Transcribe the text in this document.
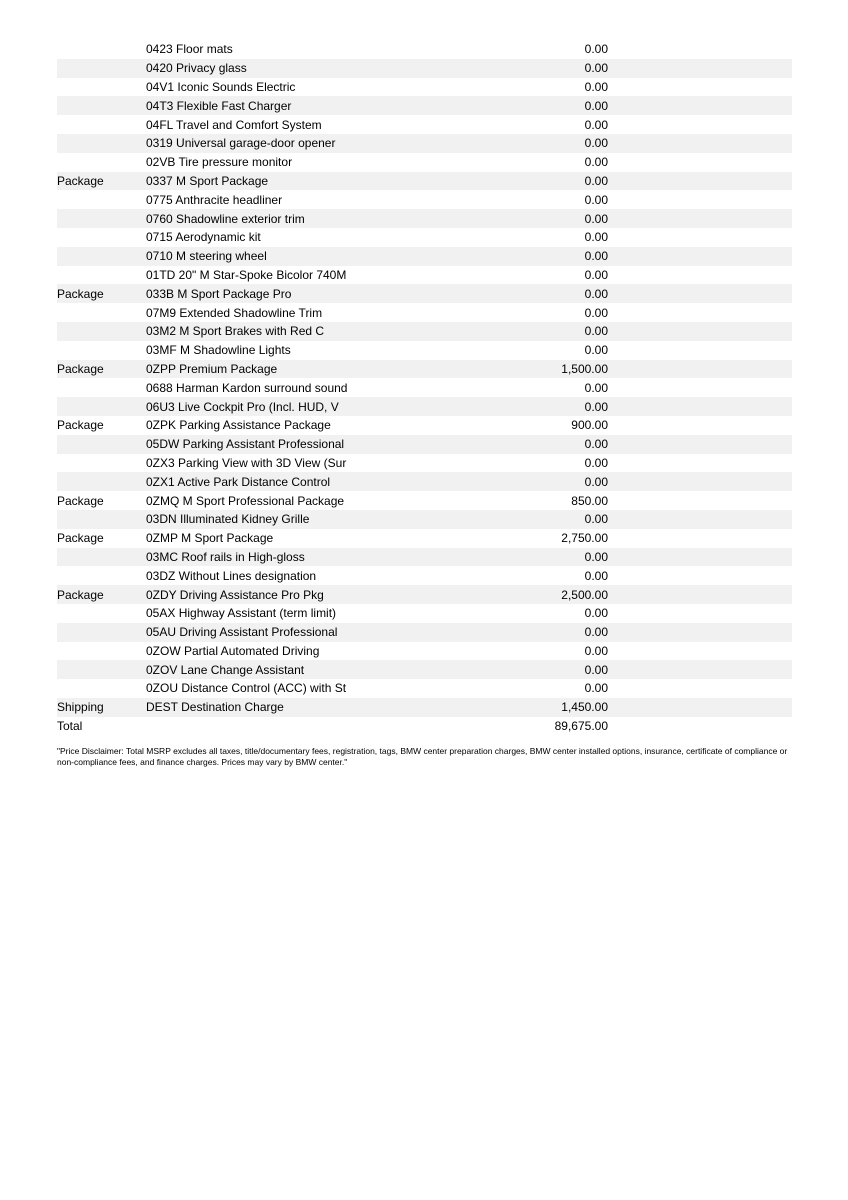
	0423 Floor mats	0.00	
	0420 Privacy glass	0.00	
	04V1 Iconic Sounds Electric	0.00	
	04T3 Flexible Fast Charger	0.00	
	04FL Travel and Comfort System	0.00	
	0319 Universal garage-door opener	0.00	
	02VB Tire pressure monitor	0.00	
Package	0337 M Sport Package	0.00	
	0775 Anthracite headliner	0.00	
	0760 Shadowline exterior trim	0.00	
	0715 Aerodynamic kit	0.00	
	0710 M steering wheel	0.00	
	01TD 20" M Star-Spoke Bicolor 740M	0.00	
Package	033B M Sport Package Pro	0.00	
	07M9 Extended Shadowline Trim	0.00	
	03M2 M Sport Brakes with Red C	0.00	
	03MF M Shadowline Lights	0.00	
Package	0ZPP Premium Package	1,500.00	
	0688 Harman Kardon surround sound	0.00	
	06U3 Live Cockpit Pro (Incl. HUD, V	0.00	
Package	0ZPK Parking Assistance Package	900.00	
	05DW Parking Assistant Professional	0.00	
	0ZX3 Parking View with 3D View (Sur	0.00	
	0ZX1 Active Park Distance Control	0.00	
Package	0ZMQ M Sport Professional Package	850.00	
	03DN Illuminated Kidney Grille	0.00	
Package	0ZMP M Sport Package	2,750.00	
	03MC Roof rails in High-gloss	0.00	
	03DZ Without Lines designation	0.00	
Package	0ZDY Driving Assistance Pro Pkg	2,500.00	
	05AX Highway Assistant (term limit)	0.00	
	05AU Driving Assistant Professional	0.00	
	0ZOW Partial Automated Driving	0.00	
	0ZOV Lane Change Assistant	0.00	
	0ZOU Distance Control (ACC) with St	0.00	
Shipping	DEST Destination Charge	1,450.00	
Total		89,675.00	
"Price Disclaimer: Total MSRP excludes all taxes, title/documentary fees, registration, tags, BMW center preparation charges, BMW center installed options, insurance, certificate of compliance or non-compliance fees, and finance charges. Prices may vary by BMW center."
